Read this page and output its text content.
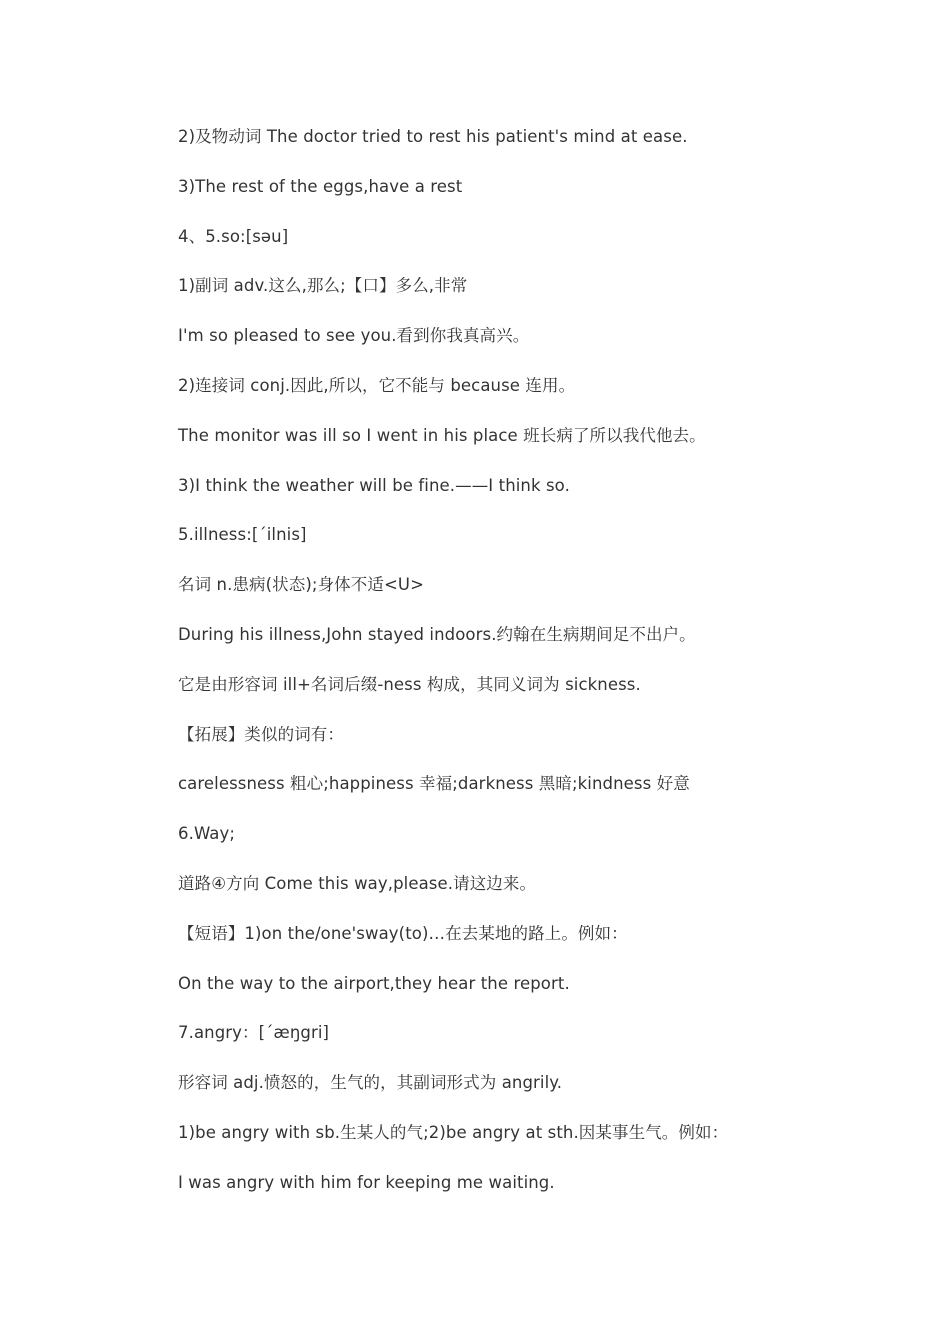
2)及物动词 The doctor tried to rest his patient's mind at ease.
3)The rest of the eggs,have a rest
4、5.so:[səu]
1)副词 adv.这么,那么;【口】多么,非常
I'm so pleased to see you.看到你我真高兴。
2)连接词 conj.因此,所以，它不能与 because 连用。
The monitor was ill so I went in his place 班长病了所以我代他去。
3)I think the weather will be fine.——I think so.
5.illness:[ˊilnis]
名词 n.患病(状态);身体不适<U>
During his illness,John stayed indoors.约翰在生病期间足不出户。
它是由形容词 ill+名词后缀-ness 构成，其同义词为 sickness.
【拓展】类似的词有：
carelessness 粗心;happiness 幸福;darkness 黑暗;kindness 好意
6.Way;
道路④方向 Come this way,please.请这边来。
【短语】1)on the/one'sway(to)…在去某地的路上。例如：
On the way to the airport,they hear the report.
7.angry：[ˊæŋgri]
形容词 adj.愤怒的，生气的，其副词形式为 angrily.
1)be angry with sb.生某人的气;2)be angry at sth.因某事生气。例如：
I was angry with him for keeping me waiting.
